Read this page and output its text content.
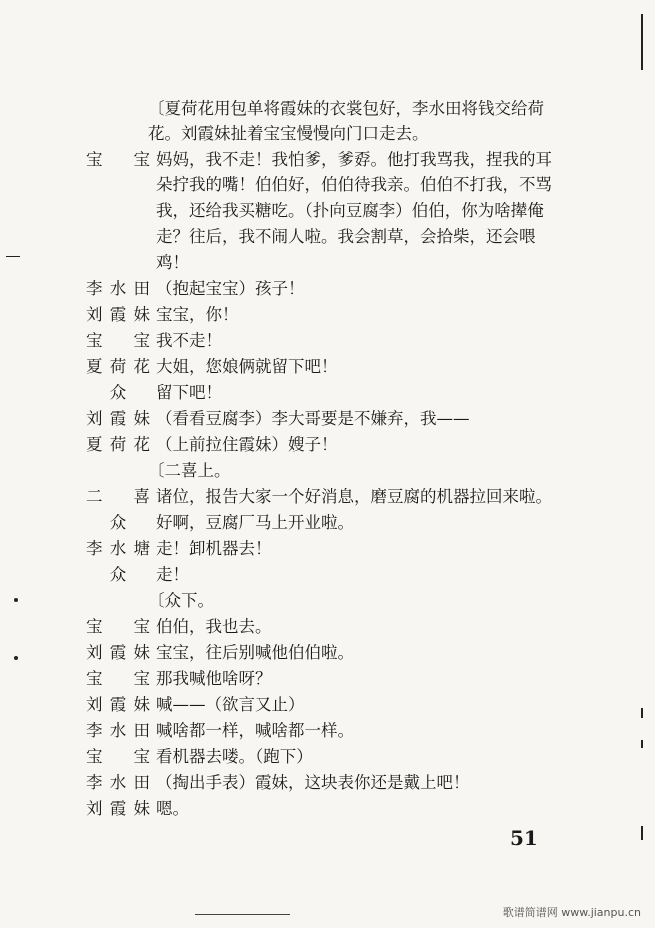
〔夏荷花用包单将霞妹的衣裳包好，李水田将钱交给荷
花。刘霞妹扯着宝宝慢慢向门口走去。
宝　宝 妈妈，我不走！我怕爹，爹孬。他打我骂我，捏我的耳
朵拧我的嘴！伯伯好，伯伯待我亲。伯伯不打我，不骂
我，还给我买糖吃。（扑向豆腐李）伯伯，你为啥撵俺
走？往后，我不闹人啦。我会割草，会拾柴，还会喂
鸡！
李水田 （抱起宝宝）孩子！
刘霞妹 宝宝，你！
宝　宝 我不走！
夏荷花 大姐，您娘俩就留下吧！
众	留下吧！
刘霞妹 （看看豆腐李）李大哥要是不嫌弃，我——
夏荷花 （上前拉住霞妹）嫂子！
〔二喜上。
二　喜 诸位，报告大家一个好消息，磨豆腐的机器拉回来啦。
众	好啊，豆腐厂马上开业啦。
李水塘 走！卸机器去！
众	走！
〔众下。
宝　宝 伯伯，我也去。
刘霞妹 宝宝，往后别喊他伯伯啦。
宝　宝 那我喊他啥呀？
刘霞妹 喊——（欲言又止）
李水田 喊啥都一样，喊啥都一样。
宝　宝 看机器去喽。（跑下）
李水田 （掏出手表）霞妹，这块表你还是戴上吧！
刘霞妹 嗯。
51
歌谱简谱网 www.jianpu.cn
